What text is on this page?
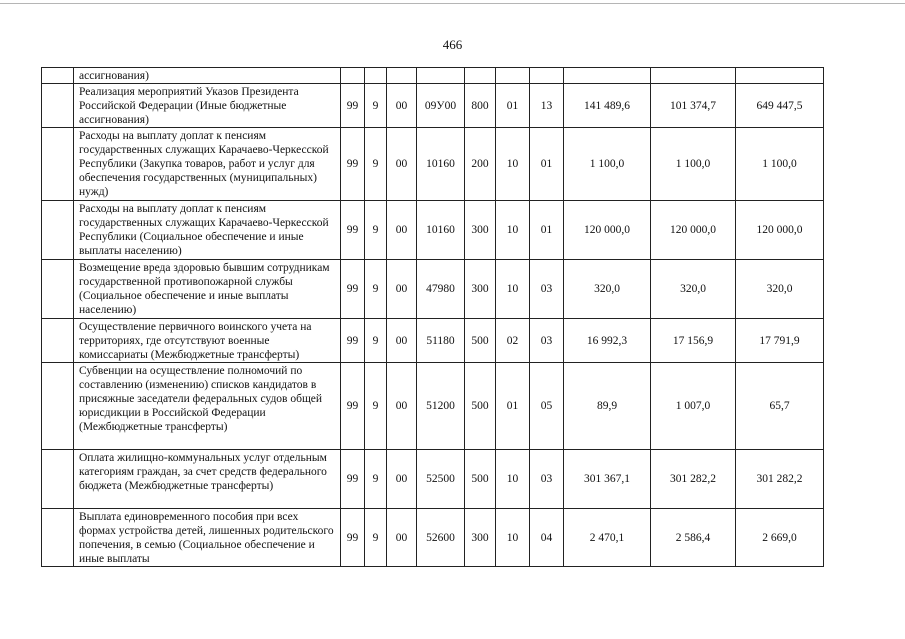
466

	ассигнования)										

	Реализация мероприятий Указов Президента Российской Федерации (Иные бюджетные ассигнования)	99	9	00	09У00	800	01	13	141 489,6	101 374,7	649 447,5

	Расходы на выплату доплат к пенсиям государственных служащих Карачаево-Черкесской Республики (Закупка товаров, работ и услуг для обеспечения государственных (муниципальных) нужд)	99	9	00	10160	200	10	01	1 100,0	1 100,0	1 100,0

	Расходы на выплату доплат к пенсиям государственных служащих Карачаево-Черкесской Республики (Социальное обеспечение и иные выплаты населению)	99	9	00	10160	300	10	01	120 000,0	120 000,0	120 000,0

	Возмещение вреда здоровью бывшим сотрудникам государственной противопожарной службы (Социальное обеспечение и иные выплаты населению)	99	9	00	47980	300	10	03	320,0	320,0	320,0

	Осуществление первичного воинского учета на территориях, где отсутствуют военные комиссариаты (Межбюджетные трансферты)	99	9	00	51180	500	02	03	16 992,3	17 156,9	17 791,9

	Субвенции на осуществление полномочий по составлению (изменению) списков кандидатов в присяжные заседатели федеральных судов общей юрисдикции в Российской Федерации (Межбюджетные трансферты)	99	9	00	51200	500	01	05	89,9	1 007,0	65,7

	Оплата жилищно-коммунальных услуг отдельным категориям граждан, за счет средств федерального бюджета (Межбюджетные трансферты)	99	9	00	52500	500	10	03	301 367,1	301 282,2	301 282,2

	Выплата единовременного пособия при всех формах устройства детей, лишенных родительского попечения, в семью (Социальное обеспечение и иные выплаты	99	9	00	52600	300	10	04	2 470,1	2 586,4	2 669,0
